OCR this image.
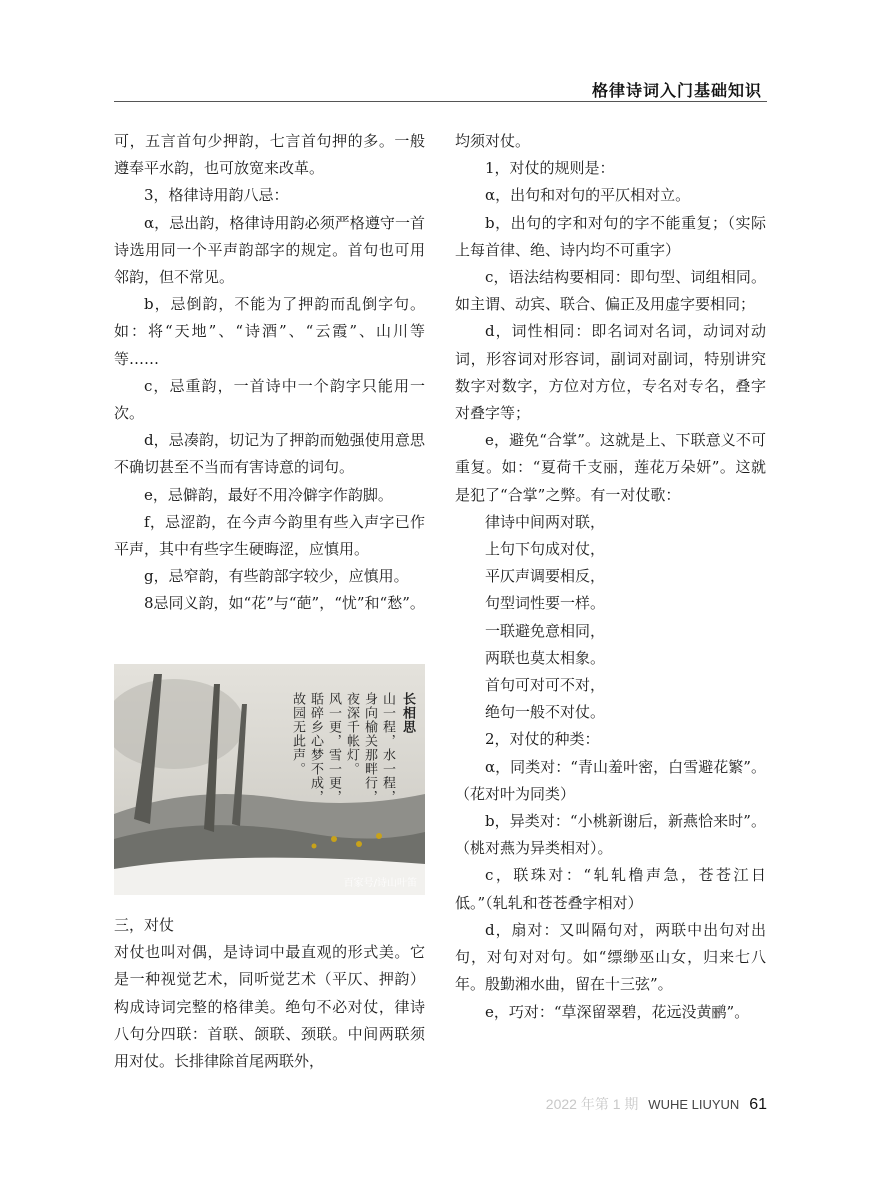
格律诗词入门基础知识

可，五言首句少押韵，七言首句押的多。一般遵奉平水韵，也可放宽来改革。

3，格律诗用韵八忌：

α，忌出韵，格律诗用韵必须严格遵守一首诗选用同一个平声韵部字的规定。首句也可用邻韵，但不常见。

b，忌倒韵，不能为了押韵而乱倒字句。如：将“天地”、“诗酒”、“云霞”、山川等等……

c，忌重韵，一首诗中一个韵字只能用一次。

d，忌凑韵，切记为了押韵而勉强使用意思不确切甚至不当而有害诗意的词句。

e，忌僻韵，最好不用冷僻字作韵脚。

f，忌涩韵，在今声今韵里有些入声字已作平声，其中有些字生硬晦涩，应慎用。

g，忌窄韵，有些韵部字较少，应慎用。

8忌同义韵，如“花”与“葩”，“忧”和“愁”。

长相思
山一程，水一程，
身向榆关那畔行，
夜深千帐灯。
风一更，雪一更，
聒碎乡心梦不成，
故园无此声。
百家号/诗山叶笛

三，对仗

对仗也叫对偶，是诗词中最直观的形式美。它是一种视觉艺术，同听觉艺术（平仄、押韵）构成诗词完整的格律美。绝句不必对仗，律诗八句分四联：首联、颌联、颈联。中间两联须用对仗。长排律除首尾两联外，

均须对仗。

1，对仗的规则是：

α，出句和对句的平仄相对立。

b，出句的字和对句的字不能重复；（实际上每首律、绝、诗内均不可重字）

c，语法结构要相同：即句型、词组相同。如主谓、动宾、联合、偏正及用虚字要相同；

d，词性相同：即名词对名词，动词对动词，形容词对形容词，副词对副词，特别讲究数字对数字，方位对方位，专名对专名，叠字对叠字等；

e，避免“合掌”。这就是上、下联意义不可重复。如：“夏荷千支丽，莲花万朵妍”。这就是犯了“合掌”之弊。有一对仗歌：

律诗中间两对联，

上句下句成对仗，

平仄声调要相反，

句型词性要一样。

一联避免意相同，

两联也莫太相象。

首句可对可不对，

绝句一般不对仗。

2，对仗的种类：

α，同类对：“青山羞叶密，白雪避花繁”。（花对叶为同类）

b，异类对：“小桃新谢后，新燕恰来时”。（桃对燕为异类相对）。

c，联珠对：“轧轧橹声急，苍苍江日低。”（轧轧和苍苍叠字相对）

d，扇对：又叫隔句对，两联中出句对出句，对句对对句。如“缥缈巫山女，归来七八年。殷勤湘水曲，留在十三弦”。

e，巧对：“草深留翠碧，花远没黄鹂”。

2022 年第 1 期 WUHE LIUYUN 61
